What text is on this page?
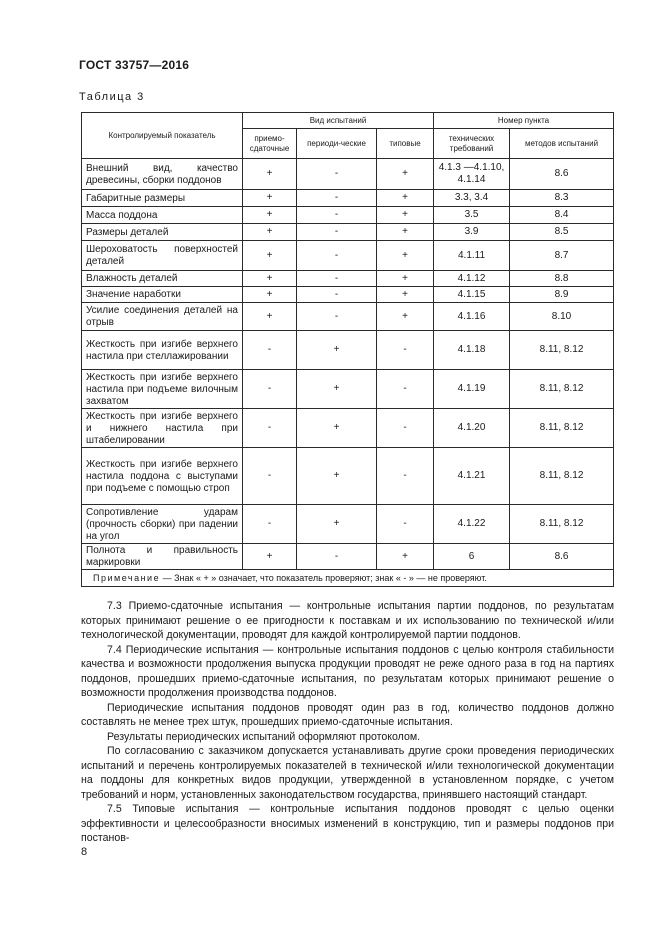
ГОСТ 33757—2016
Таблица 3
Контролируемый показатель	Вид испытаний			Номер пункта	
	приемо-сдаточные	периоди-ческие	типовые	технических требований	методов испытаний
Внешний вид, качество древесины, сборки поддонов	+	-	+	4.1.3 —4.1.10, 4.1.14	8.6
Габаритные размеры	+	-	+	3.3, 3.4	8.3
Масса поддона	+	-	+	3.5	8.4
Размеры деталей	+	-	+	3.9	8.5
Шероховатость поверхностей деталей	+	-	+	4.1.11	8.7
Влажность деталей	+	-	+	4.1.12	8.8
Значение наработки	+	-	+	4.1.15	8.9
Усилие соединения деталей на отрыв	+	-	+	4.1.16	8.10
Жесткость при изгибе верхнего настила при стеллажировании	-	+	-	4.1.18	8.11, 8.12
Жесткость при изгибе верхнего настила при подъеме вилочным захватом	-	+	-	4.1.19	8.11, 8.12
Жесткость при изгибе верхнего и нижнего настила при штабелировании	-	+	-	4.1.20	8.11, 8.12
Жесткость при изгибе верхнего настила поддона с выступами при подъеме с помощью строп	-	+	-	4.1.21	8.11, 8.12
Сопротивление ударам (прочность сборки) при падении на угол	-	+	-	4.1.22	8.11, 8.12
Полнота и правильность маркировки	+	-	+	6	8.6
Примечание — Знак « + » означает, что показатель проверяют; знак « - » — не проверяют.					

7.3 Приемо-сдаточные испытания — контрольные испытания партии поддонов, по результатам которых принимают решение о ее пригодности к поставкам и их использованию по технической и/или технологической документации, проводят для каждой контролируемой партии поддонов.

7.4 Периодические испытания — контрольные испытания поддонов с целью контроля стабильности качества и возможности продолжения выпуска продукции проводят не реже одного раза в год на партиях поддонов, прошедших приемо-сдаточные испытания, по результатам которых принимают решение о возможности продолжения производства поддонов.

Периодические испытания поддонов проводят один раз в год, количество поддонов должно составлять не менее трех штук, прошедших приемо-сдаточные испытания.

Результаты периодических испытаний оформляют протоколом.

По согласованию с заказчиком допускается устанавливать другие сроки проведения периодических испытаний и перечень контролируемых показателей в технической и/или технологической документации на поддоны для конкретных видов продукции, утвержденной в установленном порядке, с учетом требований и норм, установленных законодательством государства, принявшего настоящий стандарт.

7.5 Типовые испытания — контрольные испытания поддонов проводят с целью оценки эффективности и целесообразности вносимых изменений в конструкцию, тип и размеры поддонов при постанов-

8
